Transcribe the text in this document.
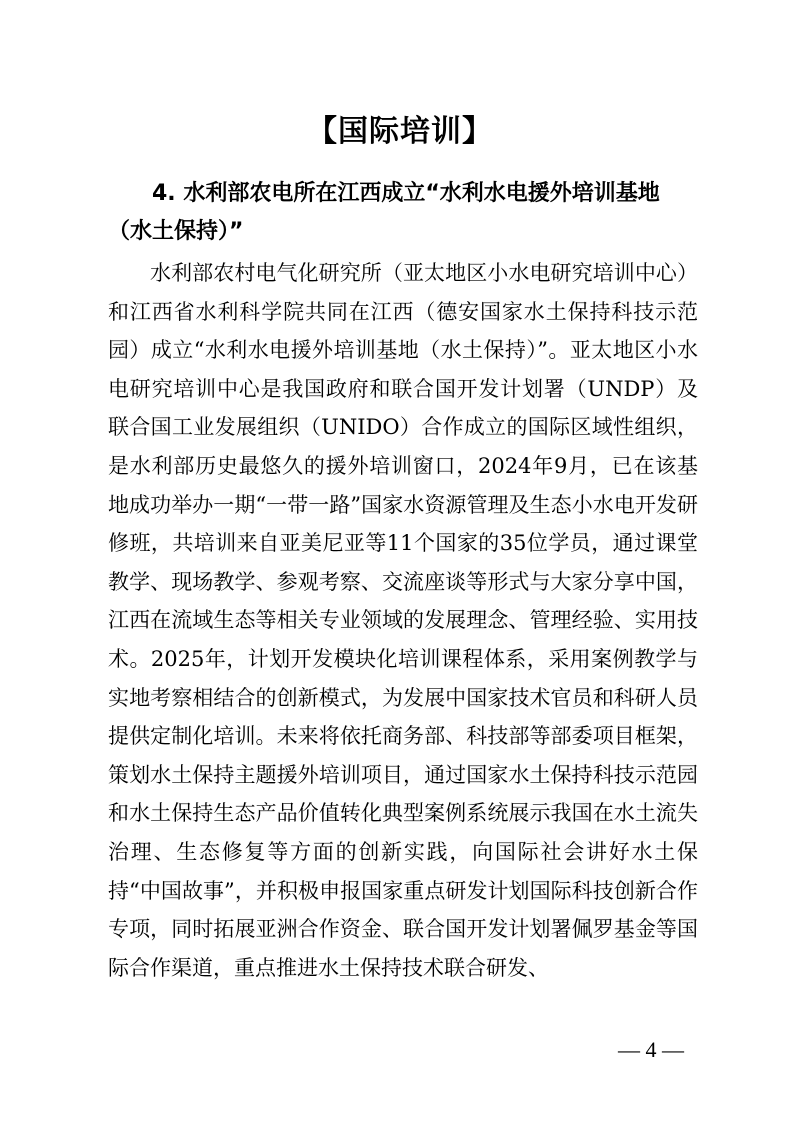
【国际培训】

4. 水利部农电所在江西成立“水利水电援外培训基地（水土保持）”

水利部农村电气化研究所（亚太地区小水电研究培训中心）和江西省水利科学院共同在江西（德安国家水土保持科技示范园）成立“水利水电援外培训基地（水土保持）”。亚太地区小水电研究培训中心是我国政府和联合国开发计划署（UNDP）及联合国工业发展组织（UNIDO）合作成立的国际区域性组织，是水利部历史最悠久的援外培训窗口，2024年9月，已在该基地成功举办一期“一带一路”国家水资源管理及生态小水电开发研修班，共培训来自亚美尼亚等11个国家的35位学员，通过课堂教学、现场教学、参观考察、交流座谈等形式与大家分享中国，江西在流域生态等相关专业领域的发展理念、管理经验、实用技术。2025年，计划开发模块化培训课程体系，采用案例教学与实地考察相结合的创新模式，为发展中国家技术官员和科研人员提供定制化培训。未来将依托商务部、科技部等部委项目框架，策划水土保持主题援外培训项目，通过国家水土保持科技示范园和水土保持生态产品价值转化典型案例系统展示我国在水土流失治理、生态修复等方面的创新实践，向国际社会讲好水土保持“中国故事”，并积极申报国家重点研发计划国际科技创新合作专项，同时拓展亚洲合作资金、联合国开发计划署佩罗基金等国际合作渠道，重点推进水土保持技术联合研发、

— 4 —
